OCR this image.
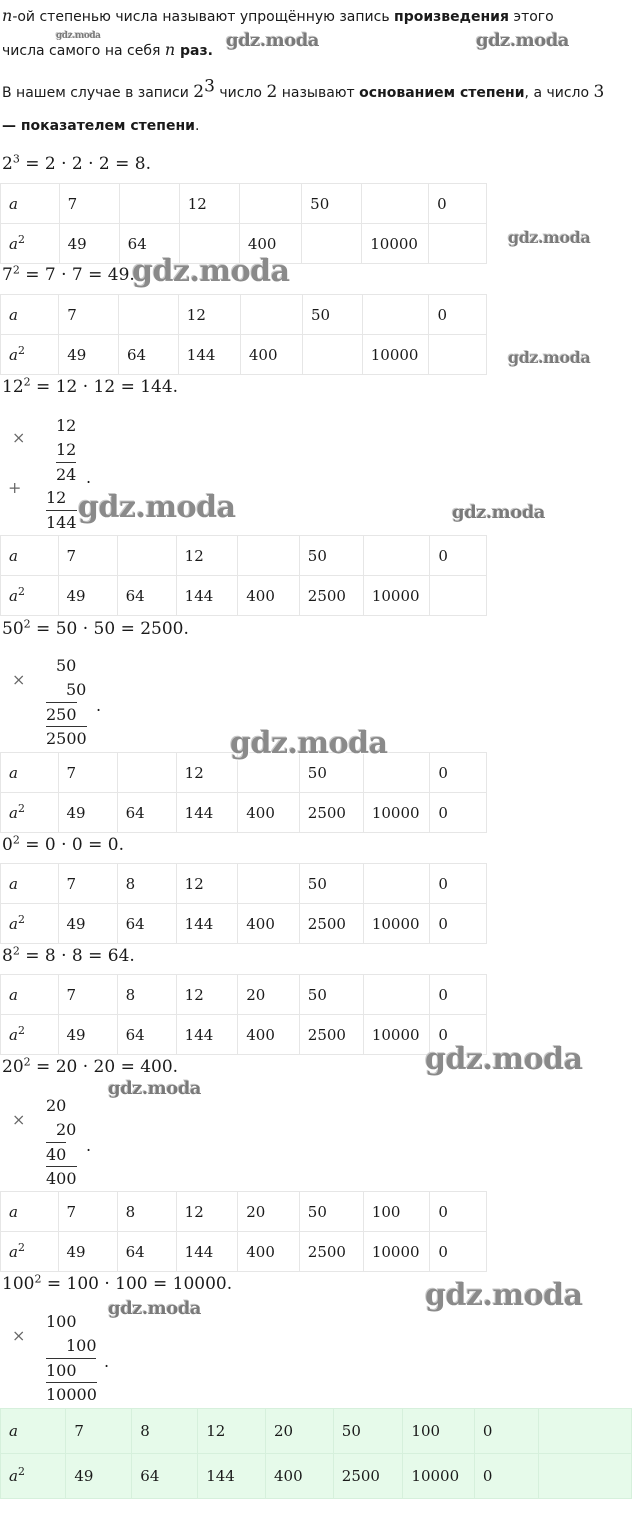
n-ой степенью числа называют упрощённую запись произведения этого
числа самого на себя n раз.
В нашем случае в записи $2^3$ число 2 называют основанием степени, а число 3
— показателем степени.
$2^3 = 2 \cdot 2 \cdot 2 = 8$.
a	7		12		50		0
$a^2$	49	64		400		10000	
$7^2 = 7 \cdot 7 = 49$.
a	7		12		50		0
$a^2$	49	64	144	400		10000	
$12^2 = 12 \cdot 12 = 144$.
×
+
12
12
24 .
12
144
a	7		12		50		0
$a^2$	49	64	144	400	2500	10000	
$50^2 = 50 \cdot 50 = 2500$.
×
50
50
250 .
2500
a	7		12		50		0
$a^2$	49	64	144	400	2500	10000	0
$0^2 = 0 \cdot 0 = 0$.
a	7	8	12		50		0
$a^2$	49	64	144	400	2500	10000	0
$8^2 = 8 \cdot 8 = 64$.
a	7	8	12	20	50		0
$a^2$	49	64	144	400	2500	10000	0
$20^2 = 20 \cdot 20 = 400$.
×
20
20
40 .
400
a	7	8	12	20	50	100	0
$a^2$	49	64	144	400	2500	10000	0
$100^2 = 100 \cdot 100 = 10000$.
×
100
100
100	.
10000
a	7	8	12	20	50	100	0	
$a^2$	49	64	144	400	2500	10000	0	
gdz.moda	gdz.moda	gdz.moda
gdz.moda
gdz.moda
gdz.moda
gdz.moda	gdz.moda
gdz.moda
gdz.moda
gdz.moda
gdz.moda
gdz.moda
